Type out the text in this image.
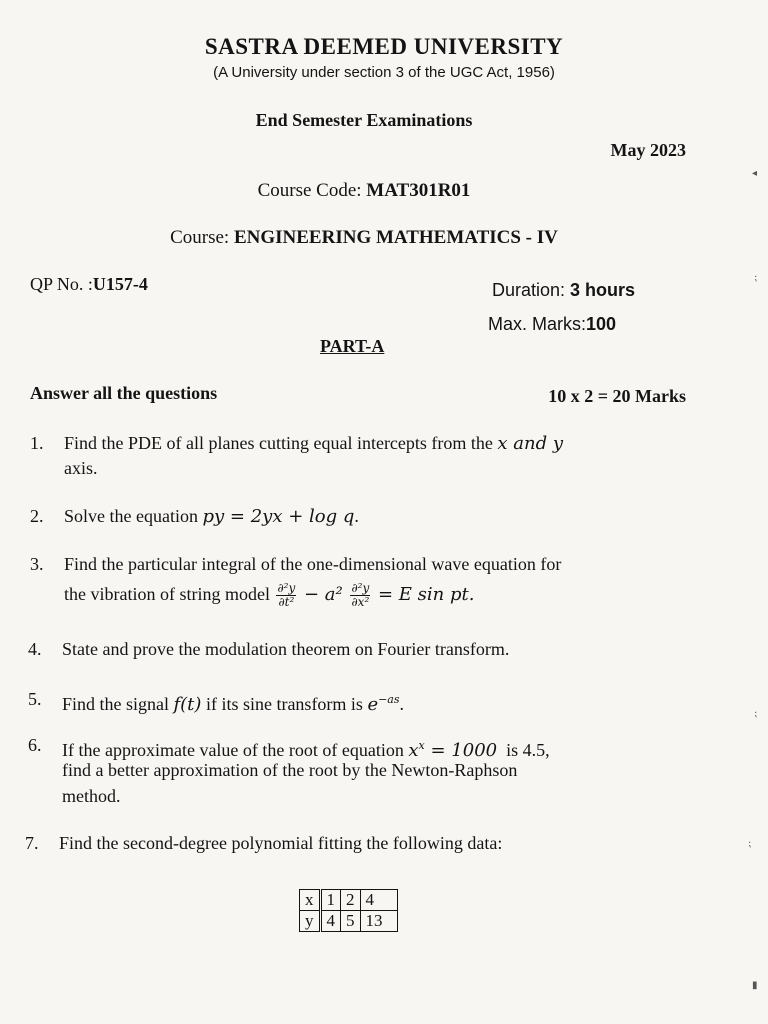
SASTRA DEEMED UNIVERSITY
(A University under section 3 of the UGC Act, 1956)
End Semester Examinations
May 2023
Course Code: MAT301R01
Course: ENGINEERING MATHEMATICS - IV
QP No. :U157-4	Duration: 3 hours
Max. Marks:100
PART-A
Answer all the questions	10 x 2 = 20 Marks
1. Find the PDE of all planes cutting equal intercepts from the x and y
axis.
2. Solve the equation py = 2yx + log q.
3. Find the particular integral of the one-dimensional wave equation for
the vibration of string model $\frac{\text{∂²y}}{\text{∂t²}} - a^2 \frac{\text{∂²y}}{\text{∂x²}} = E$ sin pt.
4. State and prove the modulation theorem on Fourier transform.
5. Find the signal f(t) if its sine transform is $e^{-as}$.
6. If the approximate value of the root of equation $x^x = 1000$  is 4.5,
find a better approximation of the root by the Newton-Raphson
method.
7. Find the second-degree polynomial fitting the following data:
x	1	2	4
y	4	5	13
◂
⁏
⁏
⁏
▮
